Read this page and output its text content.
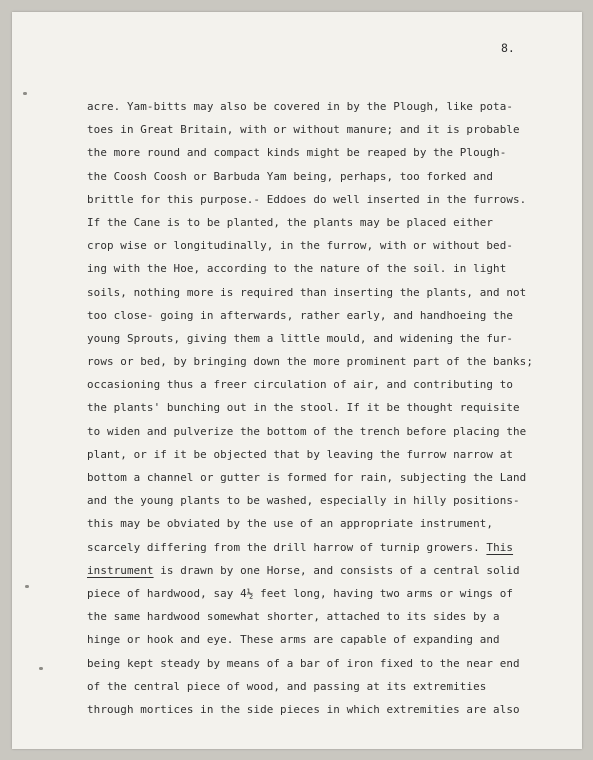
8.
acre. Yam-bitts may also be covered in by the Plough, like pota-
toes in Great Britain, with or without manure; and it is probable
the more round and compact kinds might be reaped by the Plough-
the Coosh Coosh or Barbuda Yam being, perhaps, too forked and
brittle for this purpose.- Eddoes do well inserted in the furrows.
If the Cane is to be planted, the plants may be placed either
crop wise or longitudinally, in the furrow, with or without bed-
ing with the Hoe, according to the nature of the soil. in light
soils, nothing more is required than inserting the plants, and not
too close- going in afterwards, rather early, and handhoeing the
young Sprouts, giving them a little mould, and widening the fur-
rows or bed, by bringing down the more prominent part of the banks;
occasioning thus a freer circulation of air, and contributing to
the plants' bunching out in the stool. If it be thought requisite
to widen and pulverize the bottom of the trench before placing the
plant, or if it be objected that by leaving the furrow narrow at
bottom a channel or gutter is formed for rain, subjecting the Land
and the young plants to be washed, especially in hilly positions-
this may be obviated by the use of an appropriate instrument,
scarcely differing from the drill harrow of turnip growers. This
instrument is drawn by one Horse, and consists of a central solid
piece of hardwood, say 4½ feet long, having two arms or wings of
the same hardwood somewhat shorter, attached to its sides by a
hinge or hook and eye. These arms are capable of expanding and
being kept steady by means of a bar of iron fixed to the near end
of the central piece of wood, and passing at its extremities
through mortices in the side pieces in which extremities are also
